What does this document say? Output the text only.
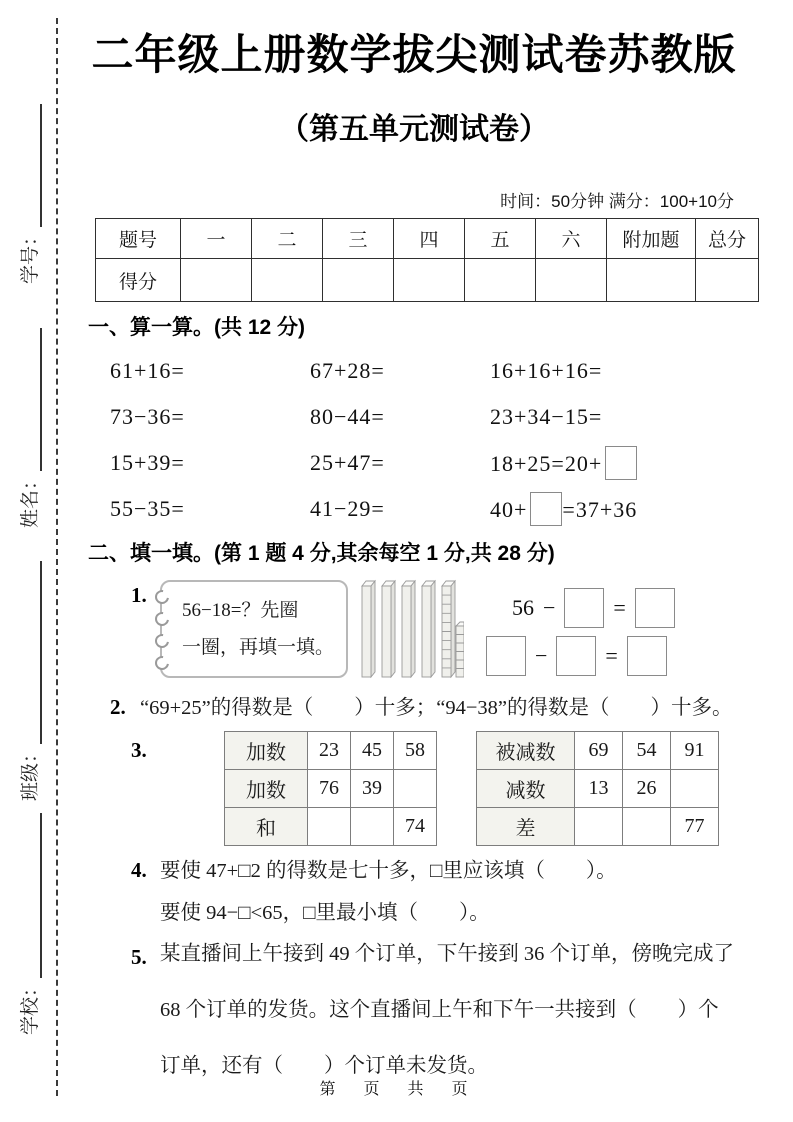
学校：
班级：
姓名：
学号：
二年级上册数学拔尖测试卷苏教版
（第五单元测试卷）
时间：50分钟 满分：100+10分
题号	一	二	三	四	五	六	附加题	总分
得分								
一、算一算。(共 12 分)
61+16=	67+28=	16+16+16=
73−36=	80−44=	23+34−15=
15+39=	25+47=	18+25=20+
55−35=	41−29=	40+ =37+36
二、填一填。(第 1 题 4 分,其余每空 1 分,共 28 分)
1.
56−18=？先圈
一圈，再填一填。
56 −	=
−	=
2. “69+25”的得数是（　　）十多；“94−38”的得数是（　　）十多。
3.	加数	23	45	58
加数	76	39	
和			74
被减数	69	54	91
减数	13	26	
差			77
4. 要使 47+□2 的得数是七十多，□里应该填（　　）。
要使 94−□<65，□里最小填（　　）。
5. 某直播间上午接到 49 个订单，下午接到 36 个订单，傍晚完成了 68 个订单的发货。这个直播间上午和下午一共接到（　　）个订单，还有（　　）个订单未发货。
第　页　共　页
